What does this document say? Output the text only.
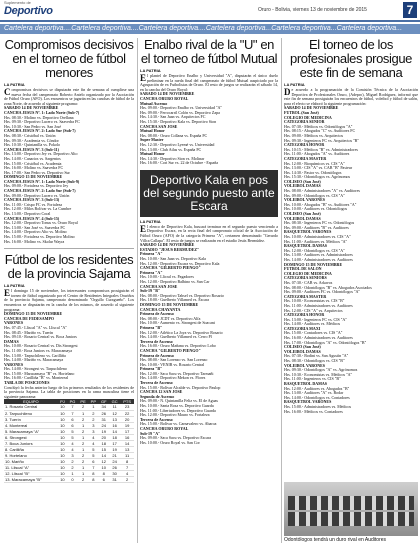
Suplemento de
Deportivo	Oruro - Bolivia, viernes 13 de noviembre de 2015	7
Cartelera deportiva....Cartelera deportiva....Cartelera deportiva....Cartelera deportiva...Cartelera deportiva...Cartelera deportiva...
Compromisos decisivos en el torneo de fútbol menores
LA PATRIA
Compromisos decisivos se disputarán este fin de semana al cumplirse una nueva fecha del campeonato Roberto Antelo organizado por la Asociación de Fútbol Oruro (AFO). Los encuentros se jugarán en las canchas de fútbol de la zona Norte, de acuerdo al siguiente programa:
SÁBADO 14 DE NOVIEMBRE
CANCHA JESÚS Nº. 1: Lado Norte (Sub-7)
Hrs. 08:30.- Molino vs. Deportivo Orellana
Hrs. 09:30.- Deportivo Lucero vs. Saavedra FC
Hrs. 10:30.- San Pedro vs. San José
CANCHA JESÚS Nº. 2: Lado Sur (Sub-7)
Hrs. 08:30.- Cristóbal vs. Unión
Hrs. 09:30.- Academia vs. Cóndor
Hrs. 10:30.- Quintanilla vs. Pokolo
CANCHA JESÚS Nº. 3 (Sub-11)
Hrs. 13:00.- Deportivo Jey vs. Deportivo Alto
Hrs. 14:00.- Canarios vs. Sargentos
Hrs. 15:00.- Cristóbal vs. Academia
Hrs. 16:00.- Molino vs. Saavedra FC
Hrs. 17:00.- San Pedro vs. Deportivo Sur
DOMINGO 15 DE NOVIEMBRE
CANCHA JESÚS Nº. 1: Lado Norte (Sub-9)
Hrs. 09:00.- Fortaleza vs. Deportivo Jey
CANCHA JESÚS Nº. 2: Lado Sur (Sub-7)
Hrs. 09:00.- Deportivo Lucero vs. Unión
CANCHA JESÚS Nº. 3 (Sub-13)
Hrs. 11:00.- Crispo FC vs. Fortaleza
Hrs. 12:00.- Milos Bolívar vs. La Cumbre
Hrs. 13:00.- Deportivo Coral
CANCHA JESÚS Nº. 4 (Sub-15)
Hrs. 12:00.- Deportivo Tonus vs. Oruro Royal
Hrs. 13:00.- San José vs. Saavedra FC
Hrs. 14:00.- Deportivo Alto vs. Molino
Hrs. 15:00.- Fortaleza vs. Deportivo Molino
Hrs. 16:00.- Molino vs. Skolar Wayra
Fútbol de los residentes de la provincia Sajama
LA PATRIA
El domingo 15 de noviembre, los interesantes compromisos prosiguirán el torneo de fútbol organizado por el Centro de Residentes Integrales Oruriños de la provincia Sajama, campeonato denominado "Orgullo Curagueño". Los encuentros se disputarán en la cancha de los mismos, de acuerdo al siguiente programa:
DOMINGO 15 DE NOVIEMBRE
CANCHA DE FEDESAMPO
VARONES
Hrs. 07:45.- Lliscal "A" vs. Lliscal "A"
Hrs. 08:45.- Mariño vs. Tuerín
Hrs. 09:10.- Rosario Central vs. Boca Juniors
DAMAS
Hrs. 10:00.- Rosario Central vs. Dis Strongest
Hrs. 11:00.- Boca Juniors vs. Maracamaya
Hrs. 13:00.- Tarpuchileno vs. Carilliña
Hrs. 14:00.- Mariño vs. Maracamaya
VARONES
Hrs. 14:00.- Strongest vs. Tarpuchileno
Hrs. 15:00.- Maracamaya "B" vs. Hortelano
Hrs. 16:00.- Carilliña "B" vs. Montereal
TABLA DE POSICIONES
Conclúyó la fecha anterior luego de los primeros resultados de los residentes de la provincia Sajama. La tabla de posiciones en la rama masculina tiene el siguiente panorama:
EQUIPO	PJ	PG	PE	PP	GF	GC	PTS
1. Rosario Central	10	7	2	1	34	11	23
2. Tarpuchileno	10	7	1	2	26	12	22
3. Tuerín	10	6	2	2	31	13	20
4. Montereal	10	6	1	3	24	16	19
5. Maracamaya "A"	10	5	2	3	19	14	17
6. Strongest	10	5	1	4	20	18	16
7. Boca Juniors	10	4	2	4	18	17	14
8. Carilliña	10	4	1	5	15	19	13
9. Hortelano	10	3	2	5	14	21	11
10. Mariño	10	2	2	6	12	24	8
11. Lliscal "A"	10	2	1	7	10	26	7
12. Lliscal "B"	10	1	1	8	8	30	4
13. Maracamaya "B"	10	0	2	8	6	31	2
Enalbo rival de la "U" en el torneo de fútbol Mutual
LA PATRIA
El plantel de Deportivo Enalbo y Universidad "A", disputarán el único duelo preliminar en la rueda final del campeonato de fútbol Mutual auspiciado por la Agrupación de ex Futbolistas de Oruro. El resto de juegos se realizarán el sábado 14, en la cancha del Oruro Royal:
SÁBADO 14 DE NOVIEMBRE
CANCHA ORURO ROYAL
Mutual Ascenso
Hrs. 09:00.- Deportivo Enalbo vs. Universidad "A"
Hrs. 09:00.- Ferrocarril Colón vs. Deportivo Zapa
Hrs. 14:30.- San Juan vs. Arquitectos FC
Hrs. 15:30.- Deportivo Kala vs. Deportivo Sion
CANCHA SAN JOSÉ
Mutual Honor
Hrs. 08:00.- Oruro Collana vs. España FC
Super Master
Hrs. 12:30.- Deportivo Lyemé vs. Universidad
Hrs. 13:00.- Club Atlas vs. España FC
Mutual Honor
Hrs. 14:30.- Deportivo Sion vs. Molinar
Hrs. 16:00.- Cori Sur vs. 22 de Octubre - España
Deportivo Kala en pos del segundo puesto ante Escara
LA PATRIA
El elenco de Deportivo Kala, buscará terminar en el segundo puesto venciendo a Deportivo Escara, en la recta final del campeonato oficial de la Asociación de Fútbol Oruro (AFO) de la categoría Primera "A", certamen denominado "Gerardo Villca Callapa". El resto de juegos se realizarán en el estadio Jesús Bermúdez.
SÁBADO 14 DE NOVIEMBRE
ESTADIO "JESÚS BERMÚDEZ"
Primera "A"
Hrs. 10:00.- San Juan vs. Deportivo Kala
Hrs. 12:00.- Deportivo Escara vs. Deportivo Kala
CANCHA "GILBERTO PIENGO"
Primera "A"
Hrs. 10:00.- Llicral vs. Pagadores
Hrs. 12:00.- Deportivo Balbino vs. San Car
CANCHA SAN JOSÉ
Sub-19 "B"
Hrs. 08:00.- Deportivo Tabsel vs. Deportivo Rosario
Hrs. 18:00.- Guelberto Villamed vs. Escara
DOMINGO 15 DE NOVIEMBRE
CANCHA CHAYANTA
Primera de Ascenso
Hrs. 08:00.- JCDT vs. Deportivo Alfa
Hrs. 10:00.- Aumento vs. Strongest de Soacani
Primera "B"
Hrs. 12:00.- Atlético La Joya vs. Deportivo Rosario
Hrs. 14:00.- Guelberto Villamed vs. Cerro Pl
Tercera de Ascenso
Hrs. 16:00.- Oruro Mañana vs. Deportivo Lobo
CANCHA "GILBERTO PIENGO"
Primera de Ascenso
Hrs. 08:00.- San Lorenzo vs. San Lorenzo
Hrs. 10:00.- VENIR vs. Rosario Central
Primera "B"
Hrs. 12:00.- Saca Sacu vs. Deportivo Tarmañi
Hrs. 14:00.- Deportivo Mekon vs. Flores
Tercera de Ascenso
Hrs. 15:00.- Bolívar Alcalde vs. Deportivo Paulop
CANCHA 12 SAN JOSÉ
Segunda de Ascenso
Hrs. 09:00.- N. Quintanilla Feliz vs. El de Aguas
Hrs. 10:00.- Santa Rosa vs. Deportivo Guarda
Hrs. 11:00.- Libertadores vs. Deportivo Guarda
Hrs. 12:00.- Deportivo Mauro vs. Fortaleza
Tercera de Ascenso
Hrs. 15:00.- Bolívar vs. Carnavalero vs. Abaroa
CANCHA ORURO ROYAL
Sub-19 "A"
Hrs. 09:00.- Saca Sacu vs. Deportivo Escara
Hrs. 10:00.- Oruro Royal vs. San Cor
El torneo de los profesionales prosigue este fin de semana
LA PATRIA
De acuerdo a la programación de la Comisión Técnica de la Asociación Deportiva de Profesionales Oruro, (Adepro), Miguel Rodríguez, informó que este fin de semana prosiguirán los encuentros de fútbol, voleibol y fútbol de salón, para el efecto se elaboró la siguiente programación:
SÁBADO 14 DE NOVIEMBRE
FÚTBOL (San José)
COLEGIO DE MEDICINA
CATEGORÍA SENIOR
Hrs. 07:30.- Médicos vs. Odontólogos "A"
Hrs. 08:15.- Abogados "C" vs. Auditores FC
Hrs. 09:00.- Médicos vs. Arquitectos
Hrs. 09:30.- Ingenieros FC vs. Arquitectos "B"
CATEGORÍA HONOR
Hrs. 10:15.- Médicos "B" vs. Administradores
Hrs. 11:00.- Abogados "A" vs. Auditores
CATEGORÍA MASTER
Hrs. 12:00.- Bioquímicos vs. CIS "A"
Hrs. 13:00.- CIS "A" vs. CAB "B" Pasteur
Hrs. 14:30.- Pastor vs. Odontólogos
Hrs. 15:30.- Odontólogos vs. Agrónomos
COLISEO (San José)
VOLEIBOL DAMAS
Hrs. 08:00.- Administradores "A" vs. Auditores
Hrs. 09:00.- Odontólogos vs. CIS "A"
VOLEIBOL VARONES
Hrs. 10:00.- Abogados "B" vs. Auditores "A"
Hrs. 10:00.- Auditores vs. Odontólogos
COLISEO (San José)
VOLEIBOL DAMAS
Hrs. 08:30.- Ingenieros FC vs. Odontólogos
Hrs. 09:00.- Auditores "B" vs. Auditores
BASQUETBOL VARONES
Hrs. 10:00.- Administradores vs. CIS "A"
Hrs. 11:00.- Auditores vs. Médicos "A"
BASQUETBOL DAMAS
Hrs. 12:00.- Odontólogos vs. CIS "A"
Hrs. 13:00.- Auditores vs. Administradores
Hrs. 14:00.- Administradores vs. Auditores
DOMINGO 15 DE NOVIEMBRE
FÚTBOL DE SALÓN
COLEGIO DE MEDICINA
CATEGORÍA SENIORS
Hrs. 07:30.- CAB vs. Arkavos
Hrs. 08:00.- Odontólogos "B" vs. Abogados Asociados
Hrs. 09:00.- Auditores FC vs. Odontólogos "A"
CATEGORÍA MASTER
Hrs. 10:00.- Economistas vs. CIS "B"
Hrs. 11:00.- Administradores vs. Auditores
Hrs. 12:00.- CIS "A" vs. Arquitectos
CATEGORÍA HONOR
Hrs. 13:00.- Ingenieros FC vs. CIS "A"
Hrs. 14:00.- Auditores vs. Médicos
CATEGORÍA MAXI
Hrs. 15:00.- Contadores vs. CIS "A"
Hrs. 16:00.- Administradores vs. Auditores
Hrs. 17:00.- Odontólogos "A" vs. Odontólogos "B"
COLISEO (San José)
VOLEIBOL DAMAS
Hrs. 07:30.- Bodini vs. San Agustín "A"
Hrs. 08:30.- Odontólogos vs. CIS "B"
VOLEIBOL VARONES
Hrs. 09:30.- Odontólogos "A" vs. Agrónomos
Hrs. 10:30.- Economistas vs. Médicos "A"
Hrs. 11:00.- Ingenieros vs. CIS "B"
BASQUETBOL DAMAS
Hrs. 12:00.- Auditores vs. Abogados "B"
Hrs. 13:00.- Auditores "A" vs. Bodar
Hrs. 14:00.- Odontólogos vs. Contadores
BASQUETBOL VARONES
Hrs. 15:00.- Administradores vs. Médicos
Hrs. 16:00.- Médicos vs. Contadores
Odontólogos tendrá un duro rival en Auditores
